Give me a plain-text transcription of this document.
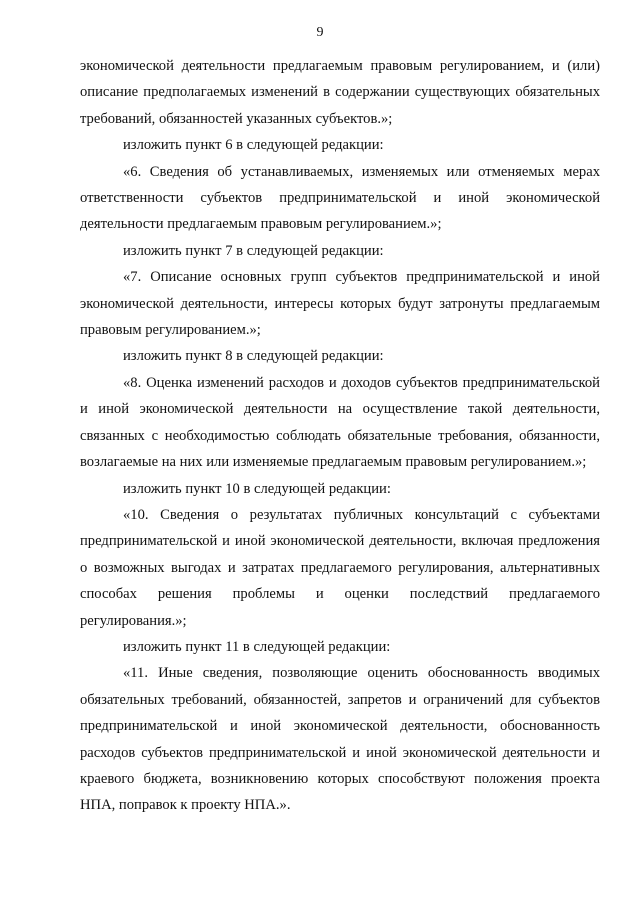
9

экономической деятельности предлагаемым правовым регулированием, и (или) описание предполагаемых изменений в содержании существующих обязательных требований, обязанностей указанных субъектов.»;

изложить пункт 6 в следующей редакции:

«6. Сведения об устанавливаемых, изменяемых или отменяемых мерах ответственности субъектов предпринимательской и иной экономической деятельности предлагаемым правовым регулированием.»;

изложить пункт 7 в следующей редакции:

«7. Описание основных групп субъектов предпринимательской и иной экономической деятельности, интересы которых будут затронуты предлагаемым правовым регулированием.»;

изложить пункт 8 в следующей редакции:

«8. Оценка изменений расходов и доходов субъектов предпринимательской и иной экономической деятельности на осуществление такой деятельности, связанных с необходимостью соблюдать обязательные требования, обязанности, возлагаемые на них или изменяемые предлагаемым правовым регулированием.»;

изложить пункт 10 в следующей редакции:

«10. Сведения о результатах публичных консультаций с субъектами предпринимательской и иной экономической деятельности, включая предложения о возможных выгодах и затратах предлагаемого регулирования, альтернативных способах решения проблемы и оценки последствий предлагаемого регулирования.»;

изложить пункт 11 в следующей редакции:

«11. Иные сведения, позволяющие оценить обоснованность вводимых обязательных требований, обязанностей, запретов и ограничений для субъектов предпринимательской и иной экономической деятельности, обоснованность расходов субъектов предпринимательской и иной экономической деятельности и краевого бюджета, возникновению которых способствуют положения проекта НПА, поправок к проекту НПА.».
